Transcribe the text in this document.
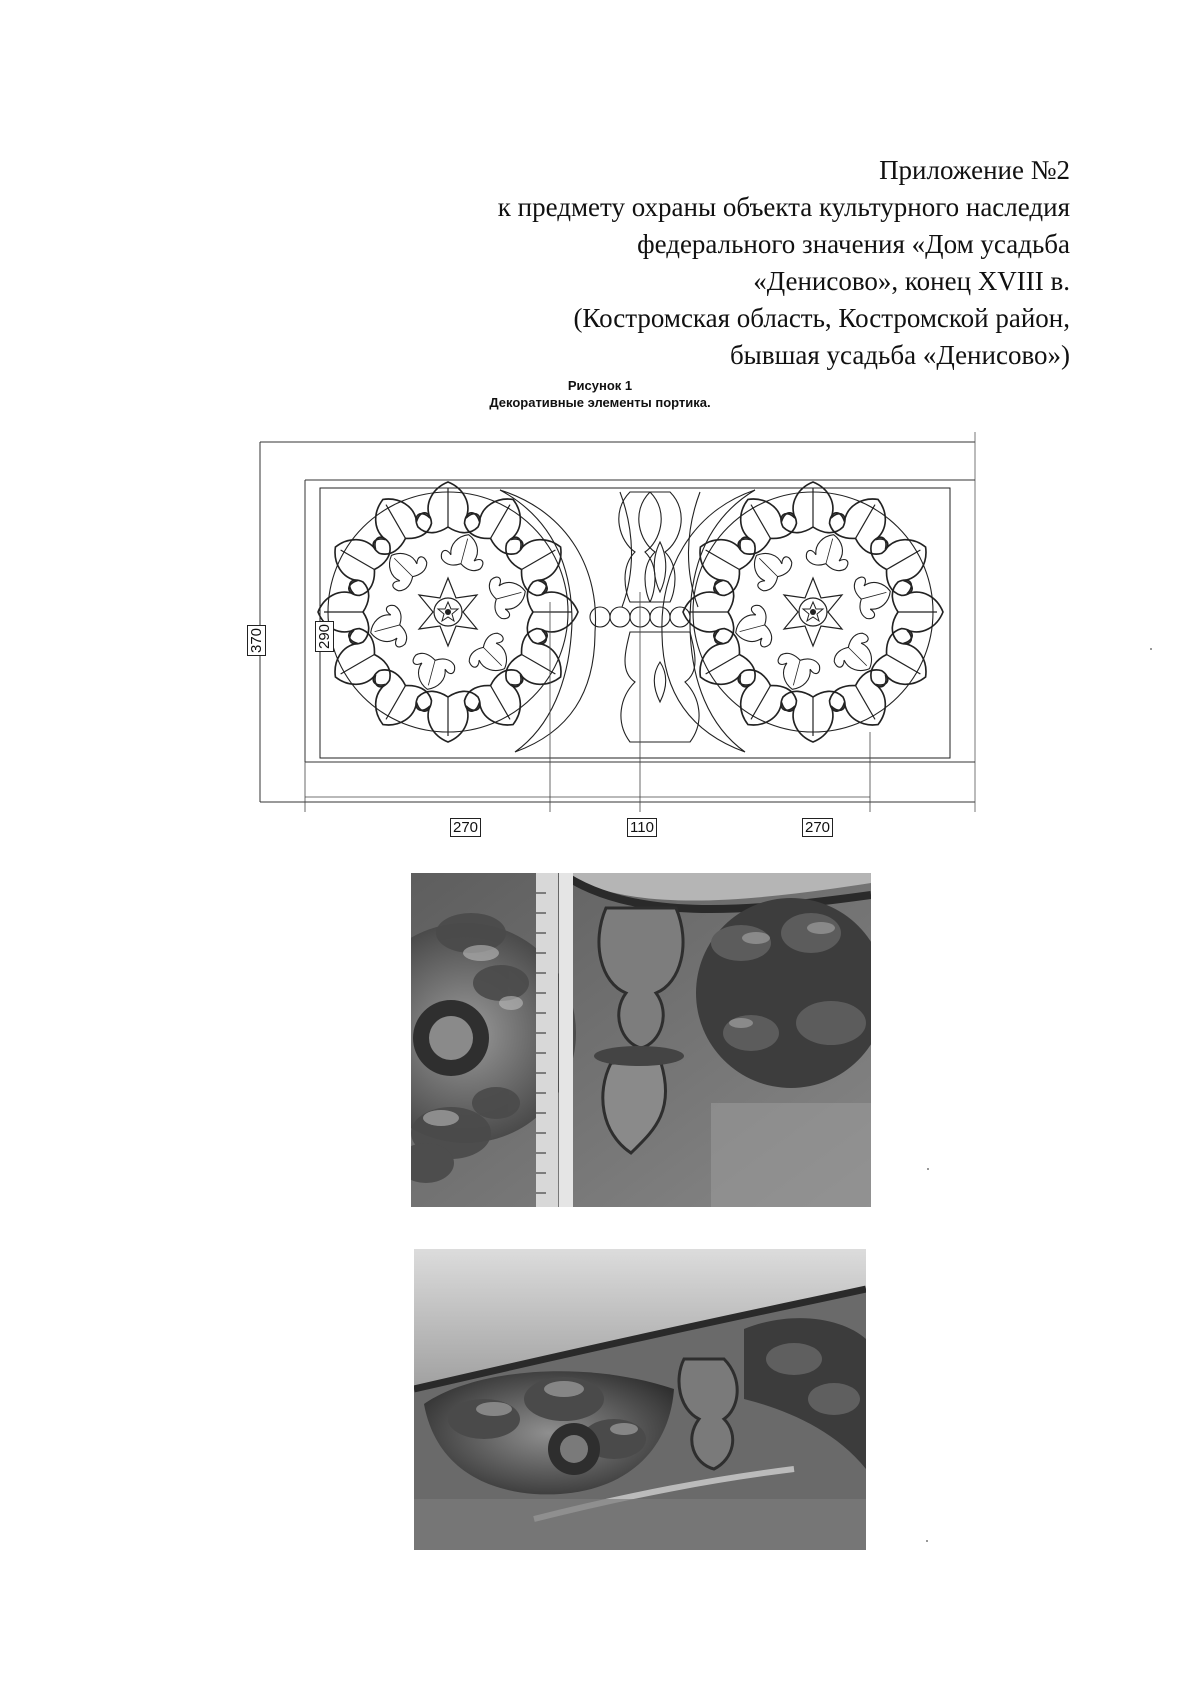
Приложение №2
к предмету охраны объекта культурного наследия
федерального значения «Дом усадьба
«Денисово», конец XVIII в.
(Костромская область, Костромской район,
бывшая усадьба «Денисово»)
Рисунок 1
Декоративные элементы портика.
370	290
270	110	270
